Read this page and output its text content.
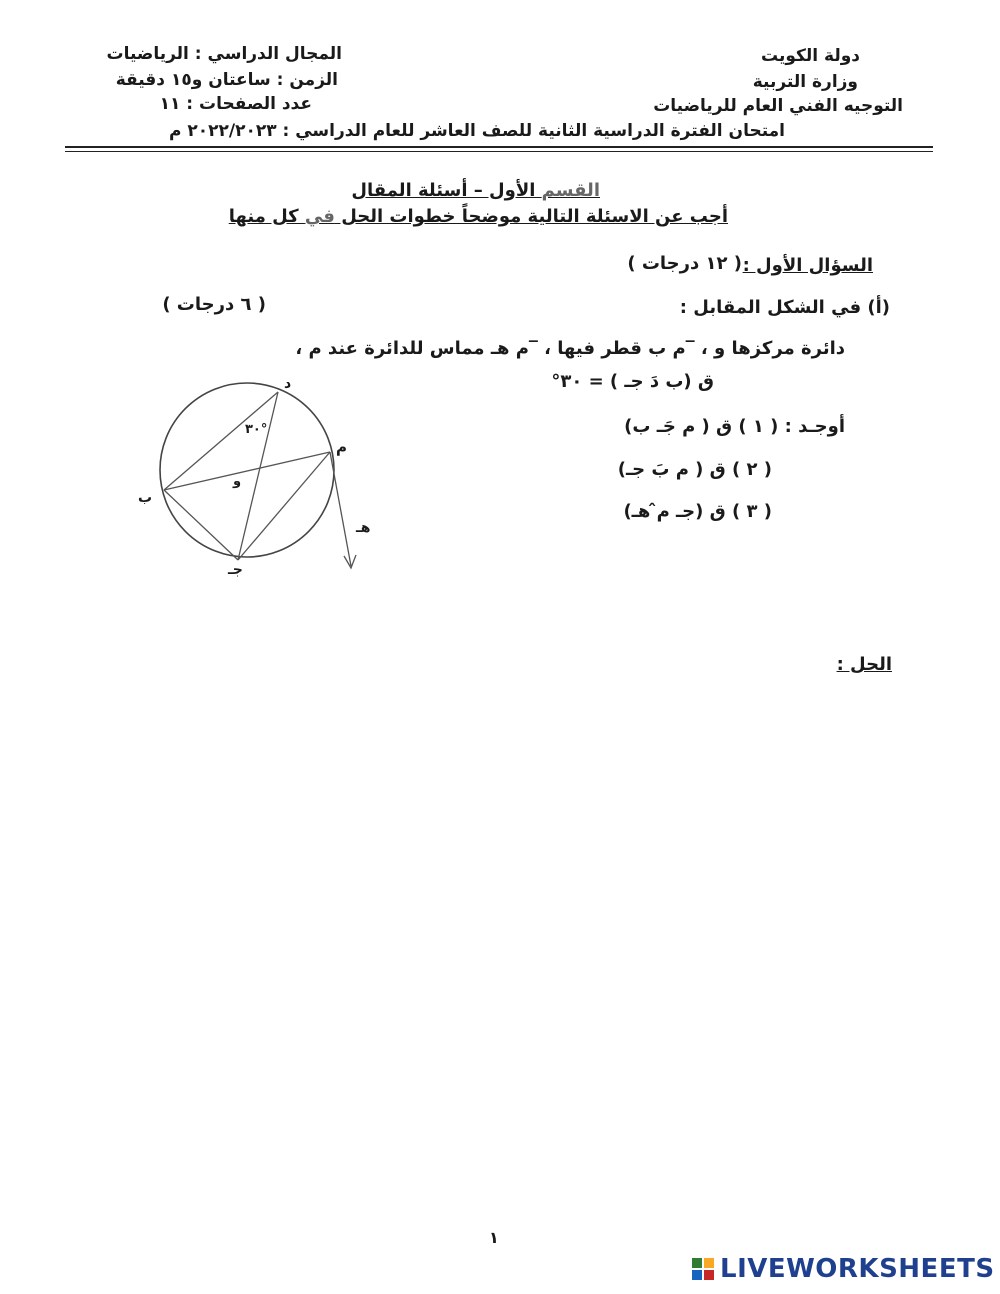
دولة الكويت
وزارة التربية
التوجيه الفني العام للرياضيات
المجال الدراسي : الرياضيات
الزمن : ساعتان و١٥ دقيقة
عدد الصفحات : ١١
امتحان الفترة الدراسية الثانية للصف العاشر للعام الدراسي : ٢٠٢٢/٢٠٢٣ م
القسم الأول – أسئلة المقال
أجب عن الاسئلة التالية موضحاً خطوات الحل في كل منها
السؤال الأول :
( ١٢ درجات )
(أ) في الشكل المقابل :
( ٦ درجات )
دائرة مركزها و ، ‾ﻡ ب قطر فيها ، ‾ﻡ هـ مماس للدائرة عند ﻡ ،
ﻕ (ب دَ جـ ) = ٣٠°
أوجـد : ( ١ ) ﻕ ( ﻡ جَـ ب)
( ٢ ) ﻕ ( ﻡ بَ جـ)
( ٣ ) ﻕ (جـ ﻡ̂ هـ)
الحل :
د
ﻡ
ب
و
جـ
هـ
٣٠°
١
LIVEWORKSHEETS
